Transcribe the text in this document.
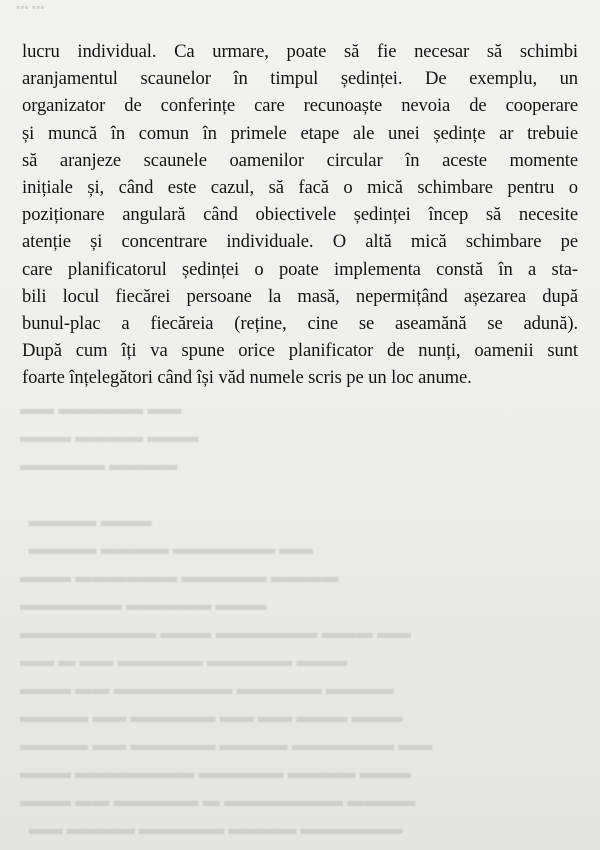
▪▪▪ ▪▪▪

lucru individual. Ca urmare, poate să fie necesar să schimbi
aranjamentul scaunelor în timpul ședinței. De exemplu, un
organizator de conferințe care recunoaște nevoia de cooperare
și muncă în comun în primele etape ale unei ședințe ar trebuie
să aranjeze scaunele oamenilor circular în aceste momente
inițiale și, când este cazul, să facă o mică schimbare pentru o
poziționare angulară când obiectivele ședinței încep să necesite
atenție și concentrare individuale. O altă mică schimbare pe
care planificatorul ședinței o poate implementa constă în a sta-
bili locul fiecărei persoane la masă, nepermițând așezarea după
bunul-plac a fiecăreia (reține, cine se aseamănă se adună).
După cum îți va spune orice planificator de nunți, oamenii sunt
foarte înțelegători când își văd numele scris pe un loc anume.

▬▬ ▬▬▬▬▬ ▬▬
▬▬▬ ▬▬▬▬ ▬▬▬
▬▬▬▬▬ ▬▬▬▬

▬▬▬▬ ▬▬▬
▬▬▬▬ ▬▬▬▬ ▬▬▬▬▬▬ ▬▬
▬▬▬ ▬▬▬▬▬▬ ▬▬▬▬▬ ▬▬▬▬
▬▬▬▬▬▬ ▬▬▬▬▬ ▬▬▬
▬▬▬▬▬▬▬▬ ▬▬▬ ▬▬▬▬▬▬ ▬▬▬ ▬▬
▬▬ ▬ ▬▬ ▬▬▬▬▬ ▬▬▬▬▬ ▬▬▬
▬▬▬ ▬▬ ▬▬▬▬▬▬▬ ▬▬▬▬▬ ▬▬▬▬
▬▬▬▬ ▬▬ ▬▬▬▬▬ ▬▬ ▬▬ ▬▬▬ ▬▬▬
▬▬▬▬ ▬▬ ▬▬▬▬▬ ▬▬▬▬ ▬▬▬▬▬▬ ▬▬
▬▬▬ ▬▬▬▬▬▬▬ ▬▬▬▬▬ ▬▬▬▬ ▬▬▬
▬▬▬ ▬▬ ▬▬▬▬▬ ▬ ▬▬▬▬▬▬▬ ▬▬▬▬
▬▬ ▬▬▬▬ ▬▬▬▬▬ ▬▬▬▬ ▬▬▬▬▬▬
